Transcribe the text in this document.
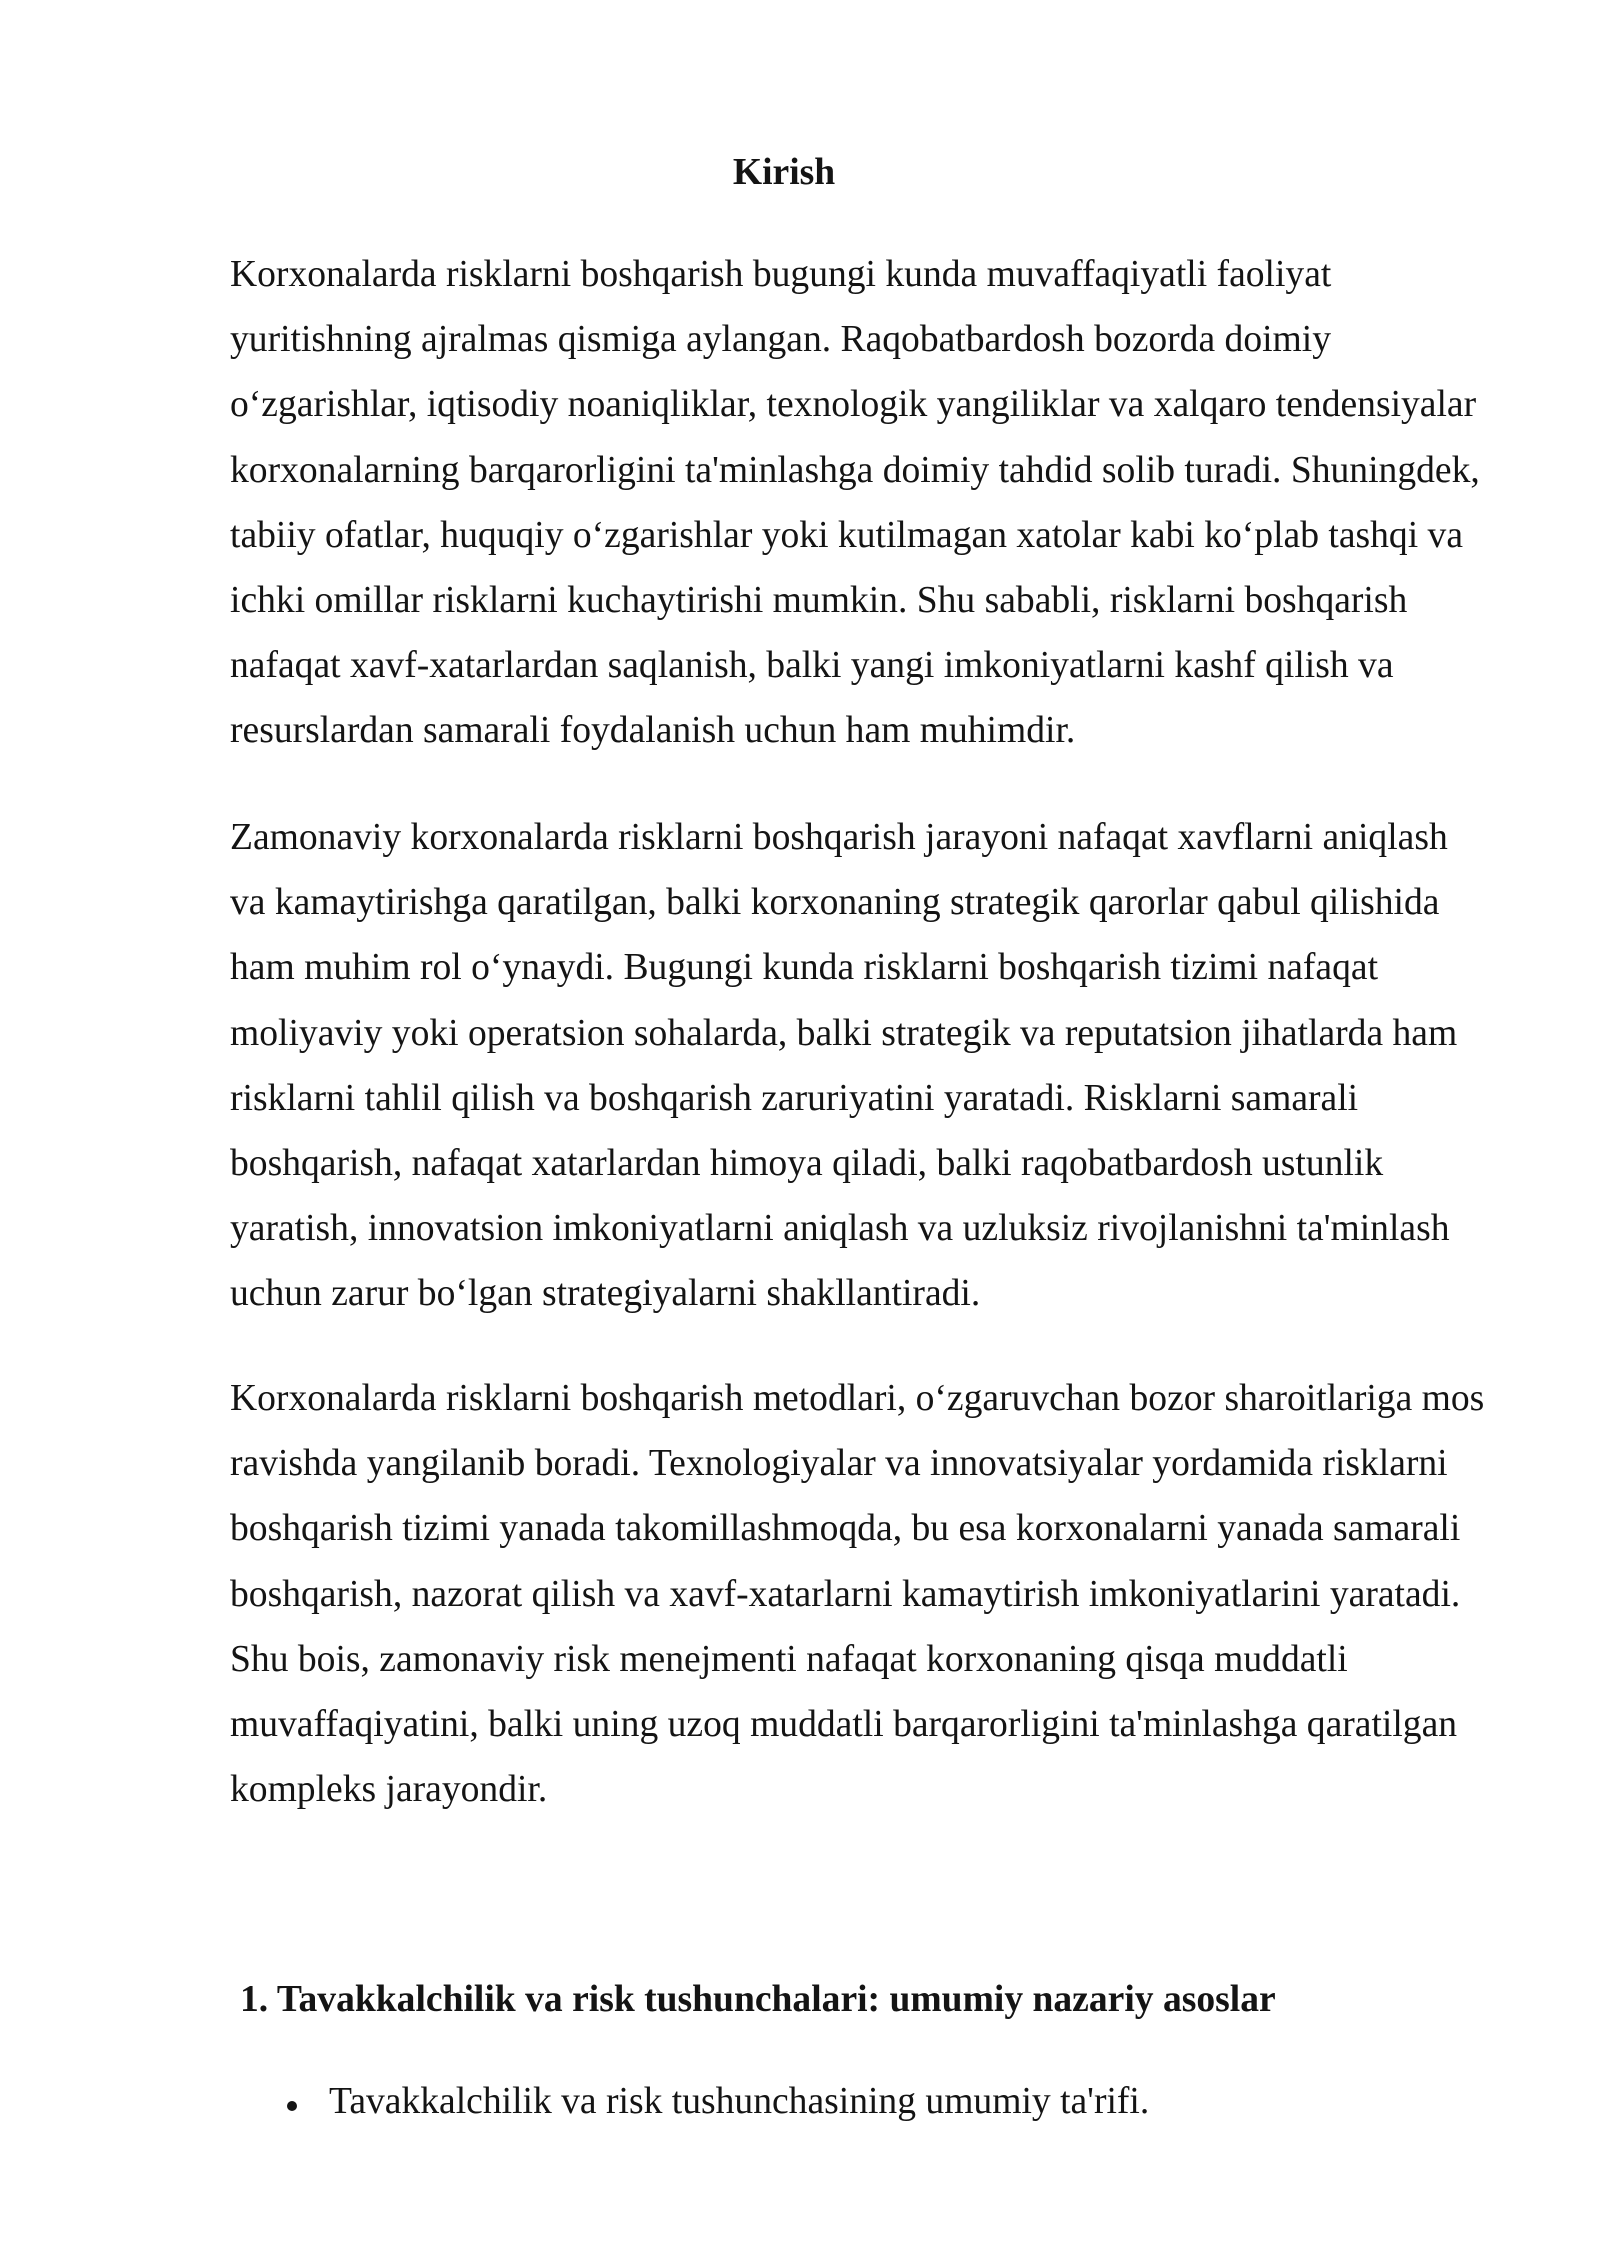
Kirish
Korxonalarda risklarni boshqarish bugungi kunda muvaffaqiyatli faoliyat
yuritishning ajralmas qismiga aylangan. Raqobatbardosh bozorda doimiy
o‘zgarishlar, iqtisodiy noaniqliklar, texnologik yangiliklar va xalqaro tendensiyalar
korxonalarning barqarorligini ta'minlashga doimiy tahdid solib turadi. Shuningdek,
tabiiy ofatlar, huquqiy o‘zgarishlar yoki kutilmagan xatolar kabi ko‘plab tashqi va
ichki omillar risklarni kuchaytirishi mumkin. Shu sababli, risklarni boshqarish
nafaqat xavf-xatarlardan saqlanish, balki yangi imkoniyatlarni kashf qilish va
resurslardan samarali foydalanish uchun ham muhimdir.
Zamonaviy korxonalarda risklarni boshqarish jarayoni nafaqat xavflarni aniqlash
va kamaytirishga qaratilgan, balki korxonaning strategik qarorlar qabul qilishida
ham muhim rol o‘ynaydi. Bugungi kunda risklarni boshqarish tizimi nafaqat
moliyaviy yoki operatsion sohalarda, balki strategik va reputatsion jihatlarda ham
risklarni tahlil qilish va boshqarish zaruriyatini yaratadi. Risklarni samarali
boshqarish, nafaqat xatarlardan himoya qiladi, balki raqobatbardosh ustunlik
yaratish, innovatsion imkoniyatlarni aniqlash va uzluksiz rivojlanishni ta'minlash
uchun zarur bo‘lgan strategiyalarni shakllantiradi.
Korxonalarda risklarni boshqarish metodlari, o‘zgaruvchan bozor sharoitlariga mos
ravishda yangilanib boradi. Texnologiyalar va innovatsiyalar yordamida risklarni
boshqarish tizimi yanada takomillashmoqda, bu esa korxonalarni yanada samarali
boshqarish, nazorat qilish va xavf-xatarlarni kamaytirish imkoniyatlarini yaratadi.
Shu bois, zamonaviy risk menejmenti nafaqat korxonaning qisqa muddatli
muvaffaqiyatini, balki uning uzoq muddatli barqarorligini ta'minlashga qaratilgan
kompleks jarayondir.
1. Tavakkalchilik va risk tushunchalari: umumiy nazariy asoslar
Tavakkalchilik va risk tushunchasining umumiy ta'rifi.
